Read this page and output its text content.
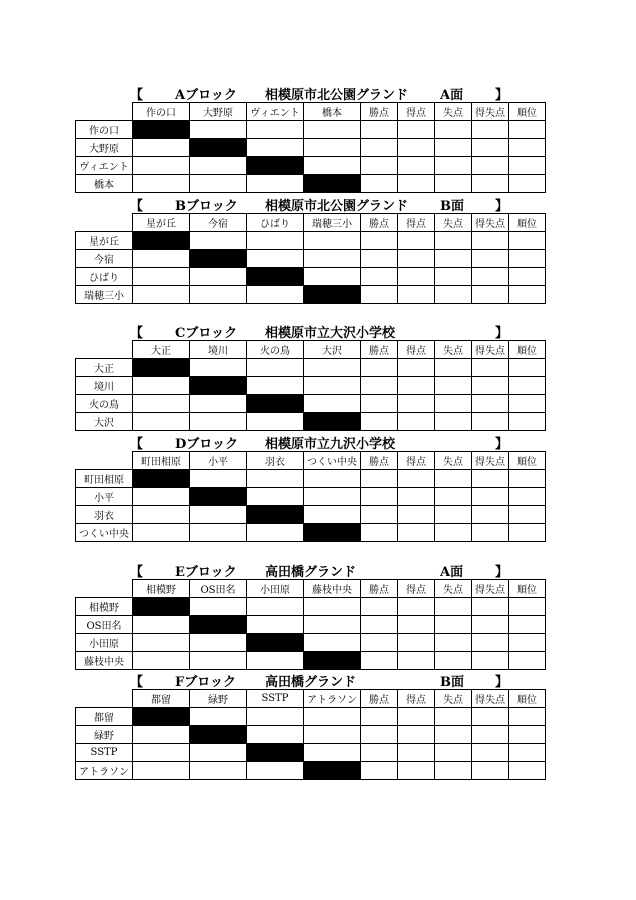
【 Aブロック 相模原市北公園グランド A面 】
	作の口	大野原	ヴィエント	橋本	勝点	得点	失点	得失点	順位
作の口									
大野原									
ヴィエント									
橋本									
【 Bブロック 相模原市北公園グランド B面 】
	星が丘	今宿	ひばり	瑞穂三小	勝点	得点	失点	得失点	順位
星が丘									
今宿									
ひばり									
瑞穂三小									
【 Cブロック 相模原市立大沢小学校	】
	大正	境川	火の鳥	大沢	勝点	得点	失点	得失点	順位
大正									
境川									
火の鳥									
大沢									
【 Dブロック 相模原市立九沢小学校	】
	町田相原	小平	羽衣	つくい中央	勝点	得点	失点	得失点	順位
町田相原									
小平									
羽衣									
つくい中央									
【 Eブロック 高田橋グランド	A面 】
	相模野	OS田名	小田原	藤枝中央	勝点	得点	失点	得失点	順位
相模野									
OS田名									
小田原									
藤枝中央									
【 Fブロック 高田橋グランド	B面 】
	都留	緑野	SSTP	アトラソン	勝点	得点	失点	得失点	順位
都留									
緑野									
SSTP									
アトラソン									
